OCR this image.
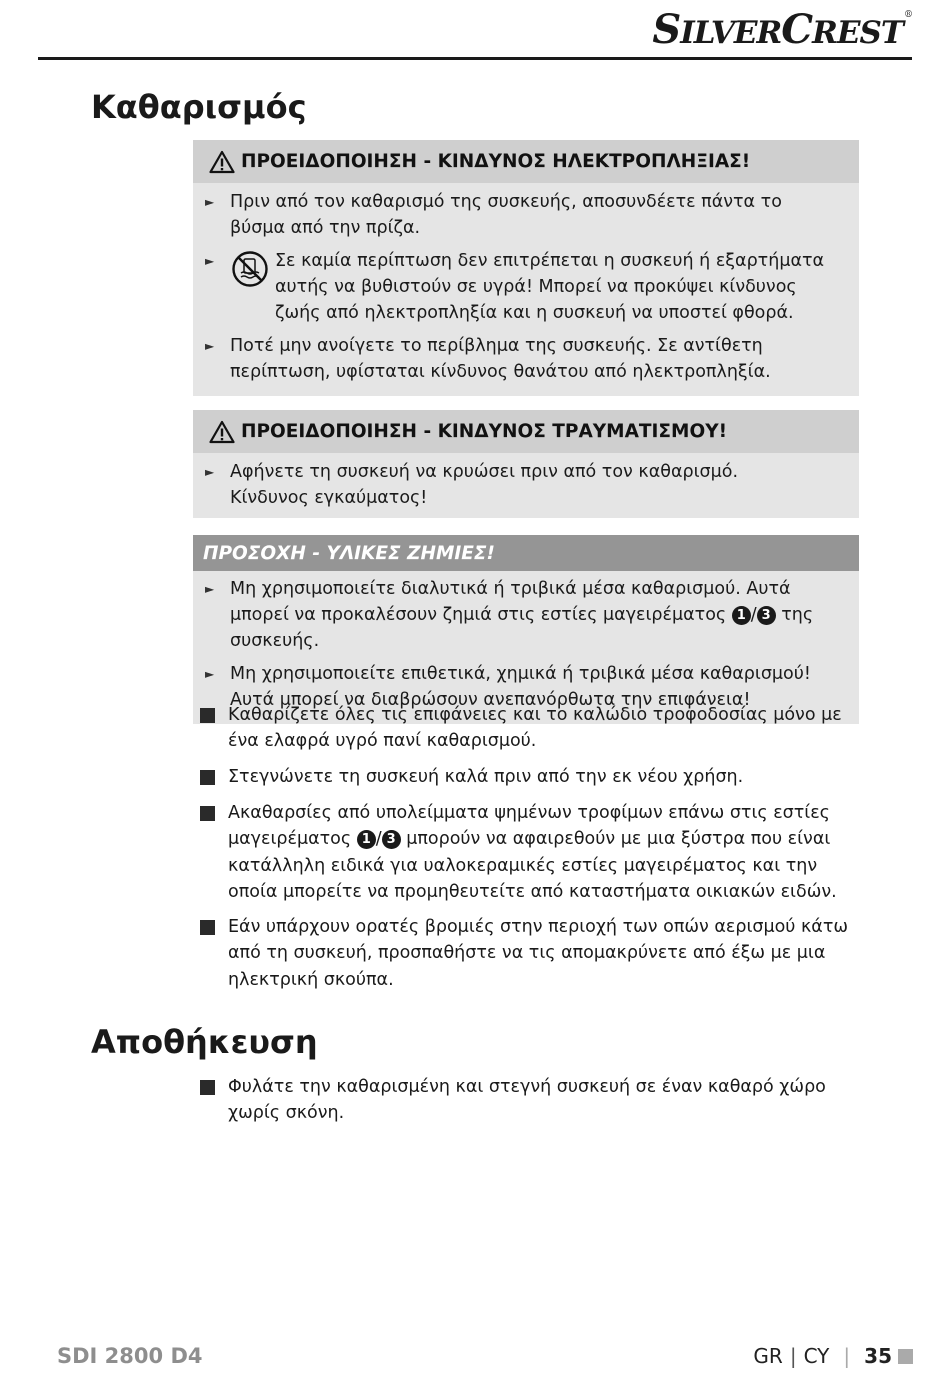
SILVERCREST®
Καθαρισμός
ΠΡΟΕΙΔΟΠΟΙΗΣΗ - ΚΙΝΔΥΝΟΣ ΗΛΕΚΤΡΟΠΛΗΞΙΑΣ!
► Πριν από τον καθαρισμό της συσκευής, αποσυνδέετε πάντα το βύσμα από την πρίζα.
►	Σε καμία περίπτωση δεν επιτρέπεται η συσκευή ή εξαρτήματα αυτής να βυθιστούν σε υγρά! Μπορεί να προκύψει κίνδυνος ζωής από ηλεκτροπληξία και η συσκευή να υποστεί φθορά.
► Ποτέ μην ανοίγετε το περίβλημα της συσκευής. Σε αντίθετη περίπτωση, υφίσταται κίνδυνος θανάτου από ηλεκτροπληξία.
ΠΡΟΕΙΔΟΠΟΙΗΣΗ - ΚΙΝΔΥΝΟΣ ΤΡΑΥΜΑΤΙΣΜΟΥ!
► Αφήνετε τη συσκευή να κρυώσει πριν από τον καθαρισμό.
Κίνδυνος εγκαύματος!
ΠΡΟΣΟΧΗ - ΥΛΙΚΕΣ ΖΗΜΙΕΣ!
► Μη χρησιμοποιείτε διαλυτικά ή τριβικά μέσα καθαρισμού. Αυτά μπορεί να προκαλέσουν ζημιά στις εστίες μαγειρέματος 1 / 3 της συσκευής.
► Μη χρησιμοποιείτε επιθετικά, χημικά ή τριβικά μέσα καθαρισμού! Αυτά μπορεί να διαβρώσουν ανεπανόρθωτα την επιφάνεια!
Καθαρίζετε όλες τις επιφάνειες και το καλώδιο τροφοδοσίας μόνο με ένα ελαφρά υγρό πανί καθαρισμού.
Στεγνώνετε τη συσκευή καλά πριν από την εκ νέου χρήση.
Ακαθαρσίες από υπολείμματα ψημένων τροφίμων επάνω στις εστίες μαγειρέματος 1 / 3 μπορούν να αφαιρεθούν με μια ξύστρα που είναι κατάλληλη ειδικά για υαλοκεραμικές εστίες μαγειρέματος και την οποία μπορείτε να προμηθευτείτε από καταστήματα οικιακών ειδών.
Εάν υπάρχουν ορατές βρομιές στην περιοχή των οπών αερισμού κάτω από τη συσκευή, προσπαθήστε να τις απομακρύνετε από έξω με μια ηλεκτρική σκούπα.
Αποθήκευση
Φυλάτε την καθαρισμένη και στεγνή συσκευή σε έναν καθαρό χώρο χωρίς σκόνη.
SDI 2800 D4	GR | CY | 35
